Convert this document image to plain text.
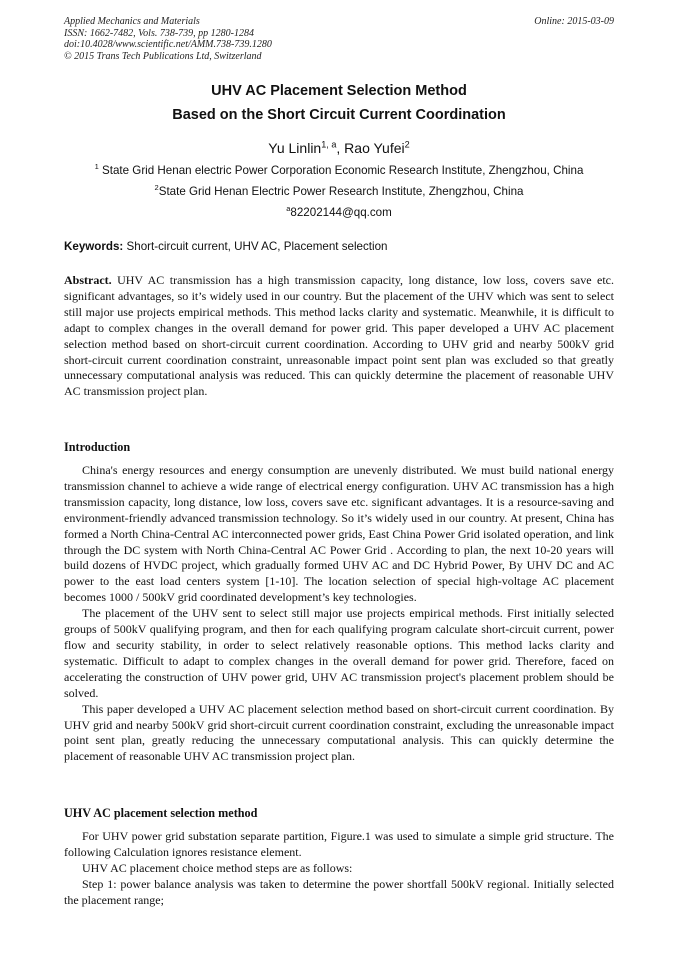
Applied Mechanics and Materials
ISSN: 1662-7482, Vols. 738-739, pp 1280-1284
doi:10.4028/www.scientific.net/AMM.738-739.1280
© 2015 Trans Tech Publications Ltd, Switzerland
Online: 2015-03-09
UHV AC Placement Selection Method
Based on the Short Circuit Current Coordination
Yu Linlin$^{1, a}$, Rao Yufei$^2$
$^1$ State Grid Henan electric Power Corporation Economic Research Institute, Zhengzhou, China
$^2$State Grid Henan Electric Power Research Institute, Zhengzhou, China
$^a$82202144@qq.com
Keywords: Short-circuit current, UHV AC, Placement selection

Abstract. UHV AC transmission has a high transmission capacity, long distance, low loss, covers save etc. significant advantages, so it’s widely used in our country. But the placement of the UHV which was sent to select still major use projects empirical methods. This method lacks clarity and systematic. Meanwhile, it is difficult to adapt to complex changes in the overall demand for power grid. This paper developed a UHV AC placement selection method based on short-circuit current coordination. According to UHV grid and nearby 500kV grid short-circuit current coordination constraint, unreasonable impact point sent plan was excluded so that greatly unnecessary computational analysis was reduced. This can quickly determine the placement of reasonable UHV AC transmission project plan.

Introduction

China's energy resources and energy consumption are unevenly distributed. We must build national energy transmission channel to achieve a wide range of electrical energy configuration. UHV AC transmission has a high transmission capacity, long distance, low loss, covers save etc. significant advantages. It is a resource-saving and environment-friendly advanced transmission technology. So it’s widely used in our country. At present, China has formed a North China-Central AC interconnected power grids, East China Power Grid isolated operation, and link through the DC system with North China-Central AC Power Grid . According to plan, the next 10-20 years will build dozens of HVDC project, which gradually formed UHV AC and DC Hybrid Power, By UHV DC and AC power to the east load centers system [1-10]. The location selection of special high-voltage AC placement becomes 1000 / 500kV grid coordinated development’s key technologies.

The placement of the UHV sent to select still major use projects empirical methods. First initially selected groups of 500kV qualifying program, and then for each qualifying program calculate short-circuit current, power flow and security stability, in order to select relatively reasonable options. This method lacks clarity and systematic. Difficult to adapt to complex changes in the overall demand for power grid. Therefore, faced on accelerating the construction of UHV power grid, UHV AC transmission project's placement problem should be solved.

This paper developed a UHV AC placement selection method based on short-circuit current coordination. By UHV grid and nearby 500kV grid short-circuit current coordination constraint, excluding the unreasonable impact point sent plan, greatly reducing the unnecessary computational analysis. This can quickly determine the placement of reasonable UHV AC transmission project plan.

UHV AC placement selection method

For UHV power grid substation separate partition, Figure.1 was used to simulate a simple grid structure. The following Calculation ignores resistance element.

UHV AC placement choice method steps are as follows:

Step 1: power balance analysis was taken to determine the power shortfall 500kV regional. Initially selected the placement range;
